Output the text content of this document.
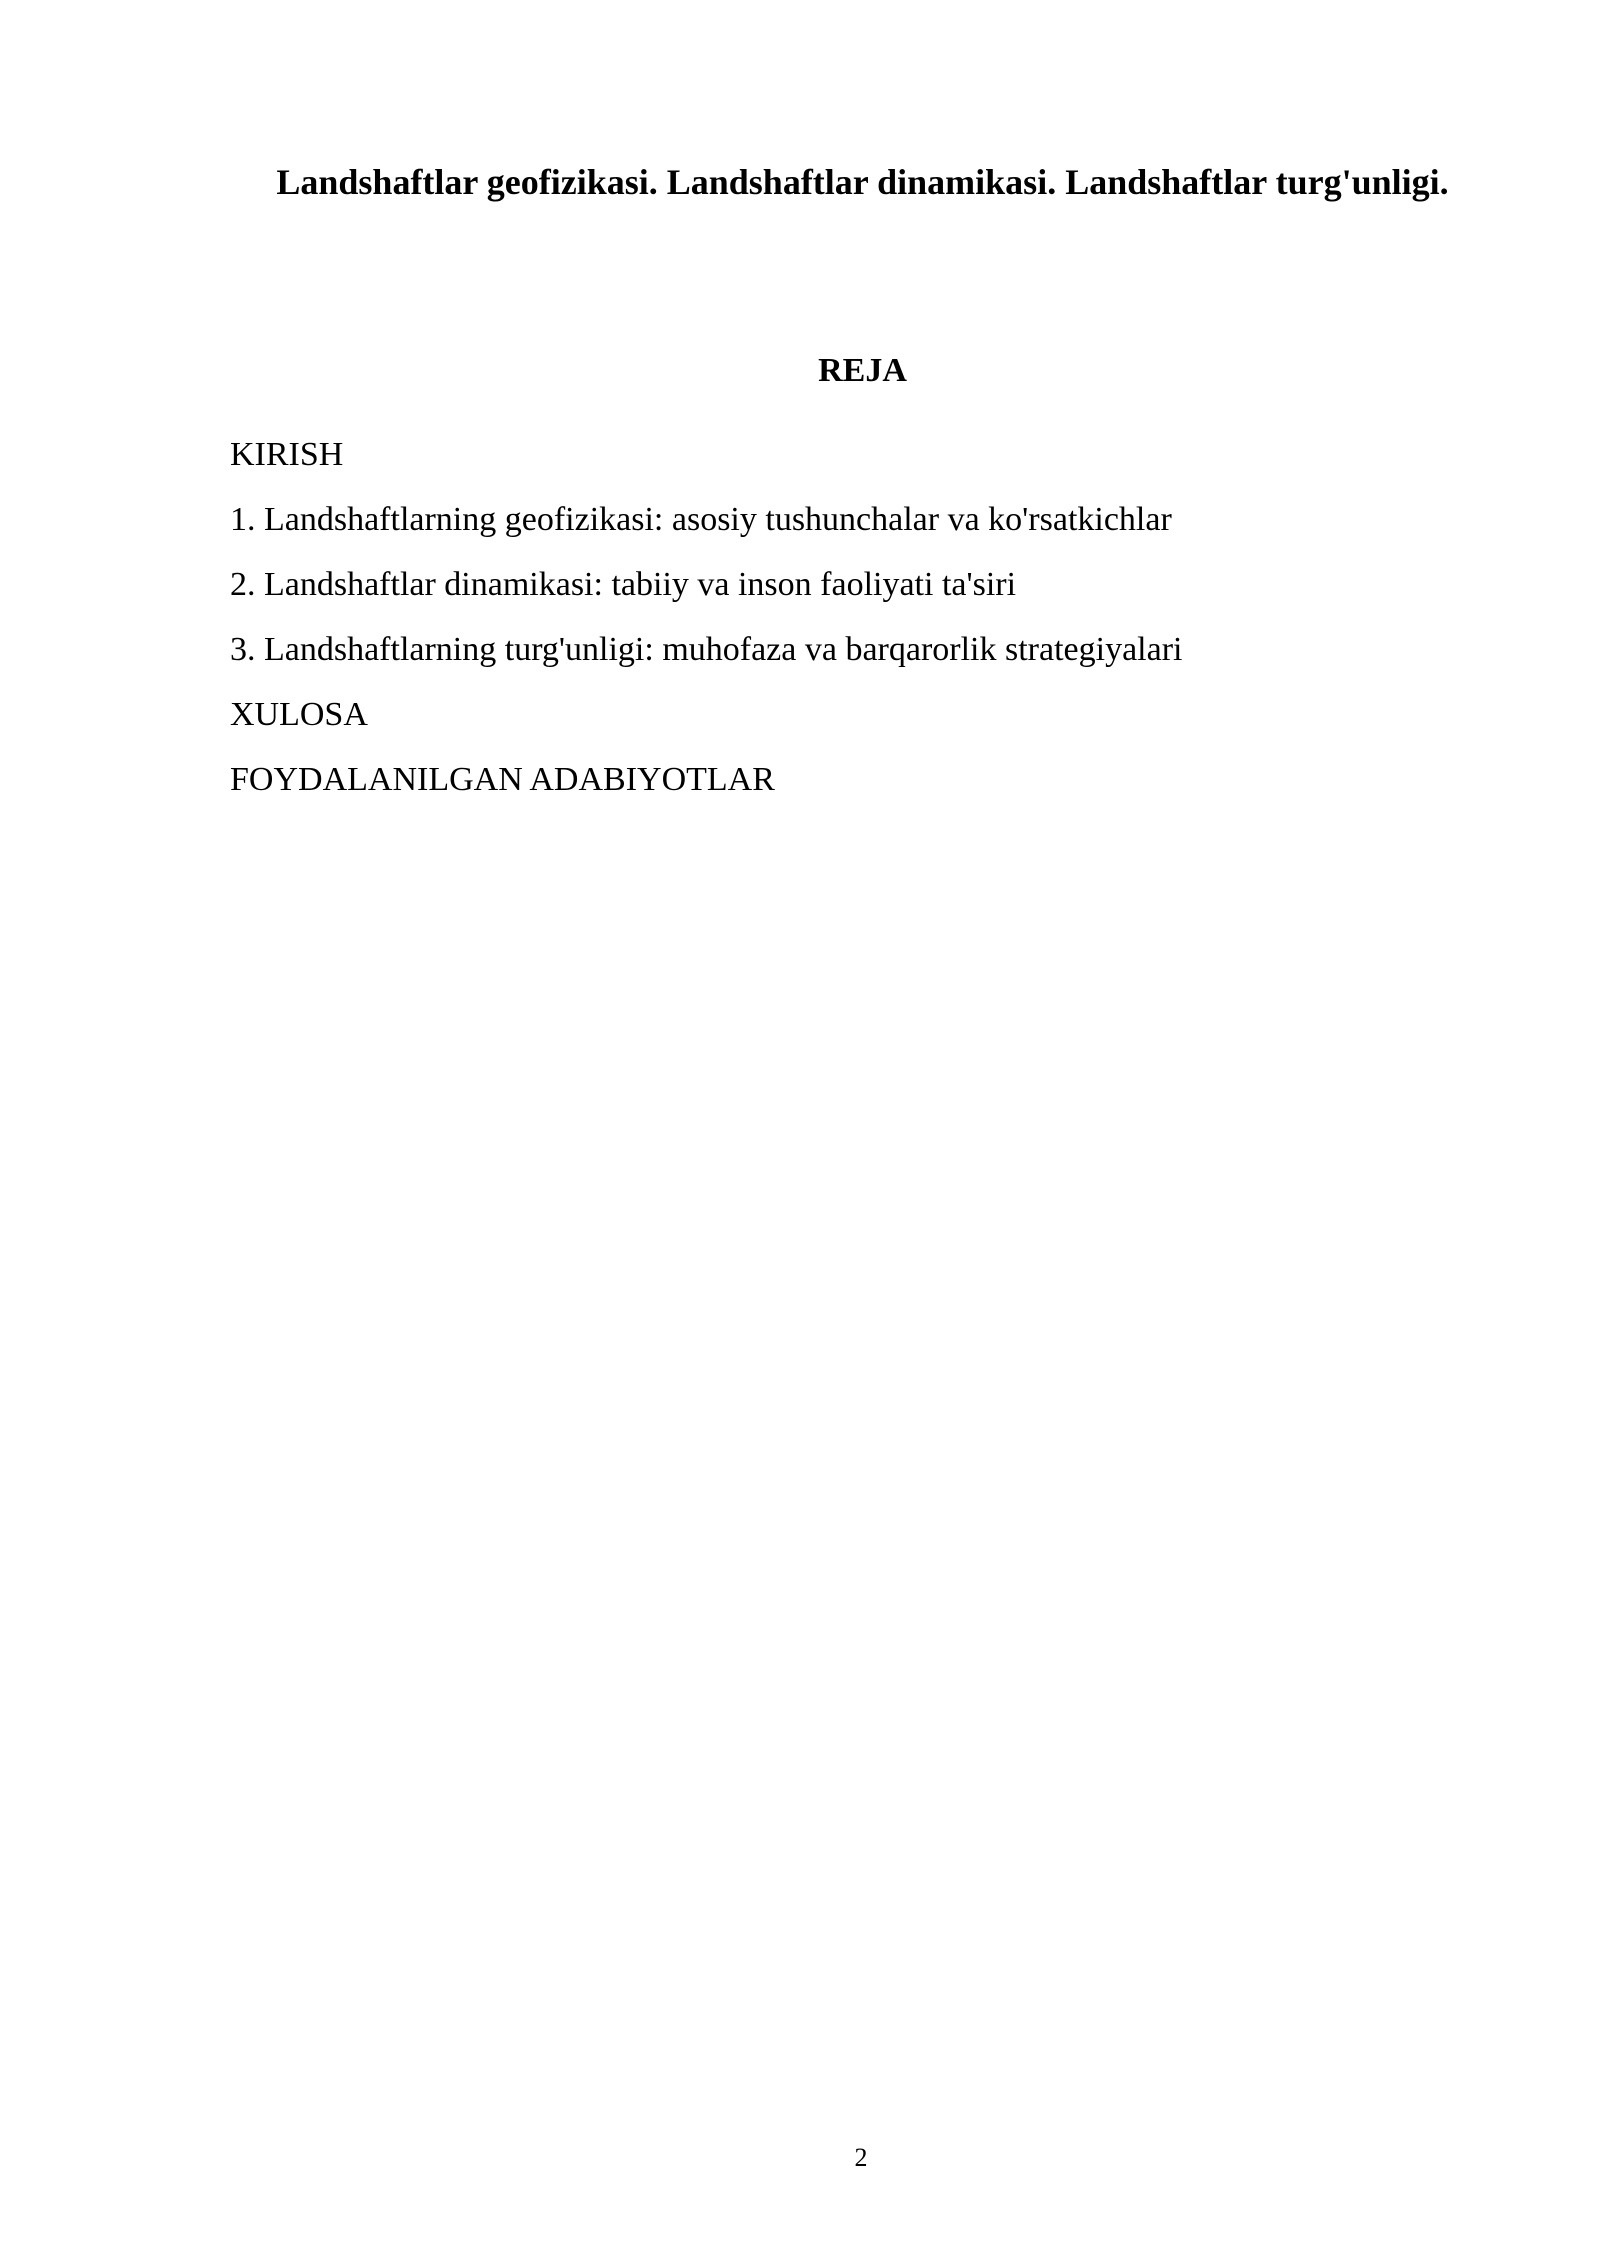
Landshaftlar geofizikasi. Landshaftlar dinamikasi. Landshaftlar turg'unligi.
REJA
KIRISH
1. Landshaftlarning geofizikasi: asosiy tushunchalar va ko'rsatkichlar
2. Landshaftlar dinamikasi: tabiiy va inson faoliyati ta'siri
3. Landshaftlarning turg'unligi: muhofaza va barqarorlik strategiyalari
XULOSA
FOYDALANILGAN ADABIYOTLAR
2
